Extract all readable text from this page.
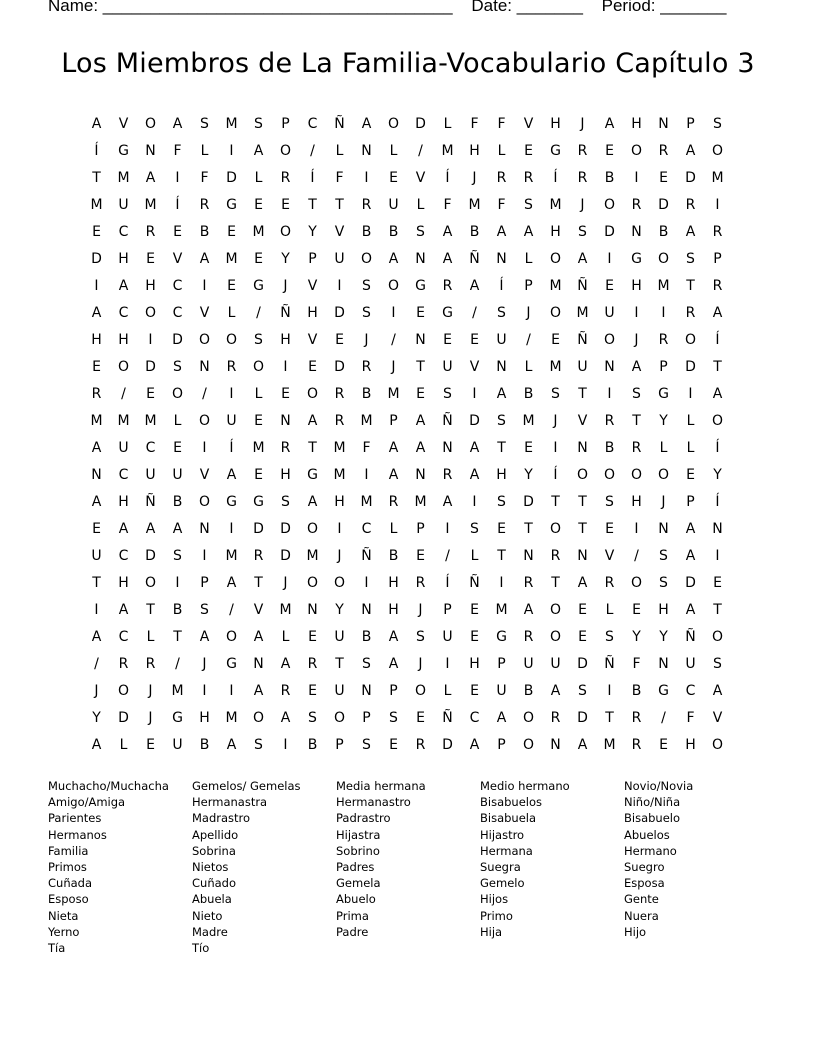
Name: _____________________________________ Date: _______ Period: _______
Los Miembros de La Familia-Vocabulario Capítulo 3
A	V	O	A	S	M	S	P	C	Ñ	A	O	D	L	F	F	V	H	J	A	H	N	P	S
Í	G	N	F	L	I	A	O	/	L	N	L	/	M	H	L	E	G	R	E	O	R	A	O
T	M	A	I	F	D	L	R	Í	F	I	E	V	Í	J	R	R	Í	R	B	I	E	D	M
M	U	M	Í	R	G	E	E	T	T	R	U	L	F	M	F	S	M	J	O	R	D	R	I
E	C	R	E	B	E	M	O	Y	V	B	B	S	A	B	A	A	H	S	D	N	B	A	R
D	H	E	V	A	M	E	Y	P	U	O	A	N	A	Ñ	N	L	O	A	I	G	O	S	P
I	A	H	C	I	E	G	J	V	I	S	O	G	R	A	Í	P	M	Ñ	E	H	M	T	R
A	C	O	C	V	L	/	Ñ	H	D	S	I	E	G	/	S	J	O	M	U	I	I	R	A
H	H	I	D	O	O	S	H	V	E	J	/	N	E	E	U	/	E	Ñ	O	J	R	O	Í
E	O	D	S	N	R	O	I	E	D	R	J	T	U	V	N	L	M	U	N	A	P	D	T
R	/	E	O	/	I	L	E	O	R	B	M	E	S	I	A	B	S	T	I	S	G	I	A
M	M	M	L	O	U	E	N	A	R	M	P	A	Ñ	D	S	M	J	V	R	T	Y	L	O
A	U	C	E	I	Í	M	R	T	M	F	A	A	N	A	T	E	I	N	B	R	L	L	Í
N	C	U	U	V	A	E	H	G	M	I	A	N	R	A	H	Y	Í	O	O	O	O	E	Y
A	H	Ñ	B	O	G	G	S	A	H	M	R	M	A	I	S	D	T	T	S	H	J	P	Í
E	A	A	A	N	I	D	D	O	I	C	L	P	I	S	E	T	O	T	E	I	N	A	N
U	C	D	S	I	M	R	D	M	J	Ñ	B	E	/	L	T	N	R	N	V	/	S	A	I
T	H	O	I	P	A	T	J	O	O	I	H	R	Í	Ñ	I	R	T	A	R	O	S	D	E
I	A	T	B	S	/	V	M	N	Y	N	H	J	P	E	M	A	O	E	L	E	H	A	T
A	C	L	T	A	O	A	L	E	U	B	A	S	U	E	G	R	O	E	S	Y	Y	Ñ	O
/	R	R	/	J	G	N	A	R	T	S	A	J	I	H	P	U	U	D	Ñ	F	N	U	S
J	O	J	M	I	I	A	R	E	U	N	P	O	L	E	U	B	A	S	I	B	G	C	A
Y	D	J	G	H	M	O	A	S	O	P	S	E	Ñ	C	A	O	R	D	T	R	/	F	V
A	L	E	U	B	A	S	I	B	P	S	E	R	D	A	P	O	N	A	M	R	E	H	O
Muchacho/Muchacha
Amigo/Amiga
Parientes
Hermanos
Familia
Primos
Cuñada
Esposo
Nieta
Yerno
Tía
Gemelos/ Gemelas
Hermanastra
Madrastro
Apellido
Sobrina
Nietos
Cuñado
Abuela
Nieto
Madre
Tío
Media hermana
Hermanastro
Padrastro
Hijastra
Sobrino
Padres
Gemela
Abuelo
Prima
Padre
Medio hermano
Bisabuelos
Bisabuela
Hijastro
Hermana
Suegra
Gemelo
Hijos
Primo
Hija
Novio/Novia
Niño/Niña
Bisabuelo
Abuelos
Hermano
Suegro
Esposa
Gente
Nuera
Hijo
